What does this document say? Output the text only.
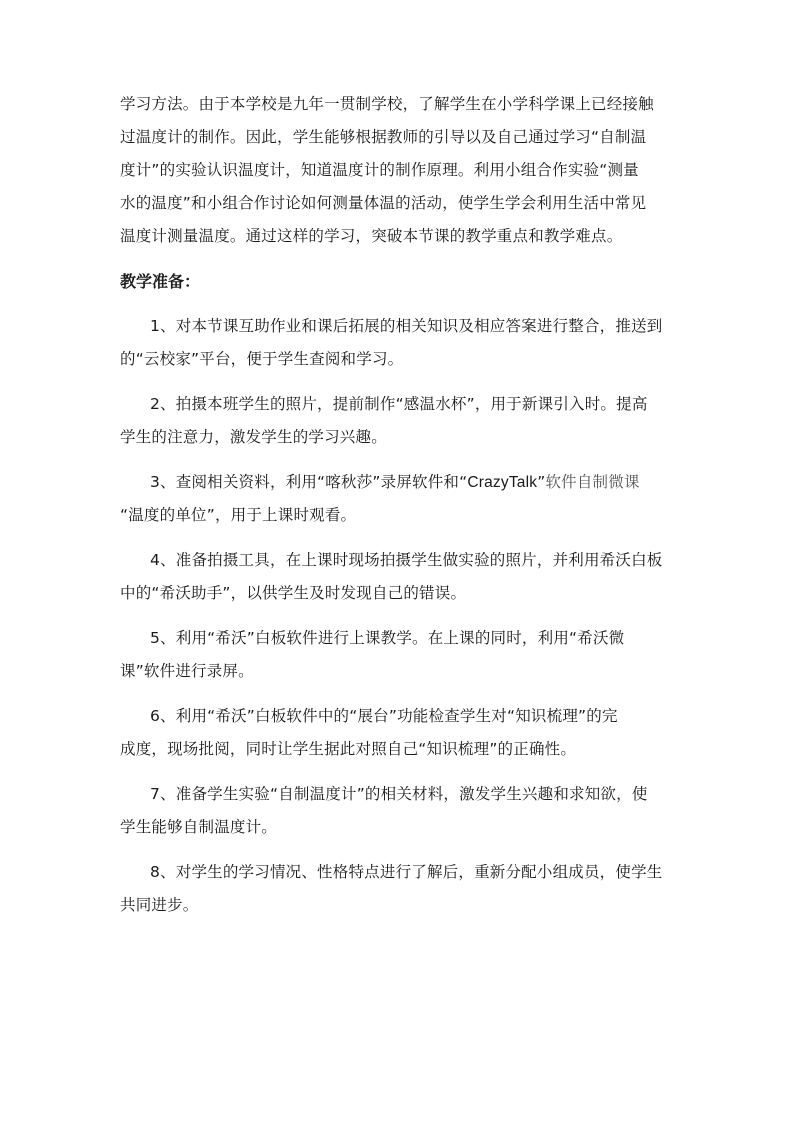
学习方法。由于本学校是九年一贯制学校，了解学生在小学科学课上已经接触
过温度计的制作。因此，学生能够根据教师的引导以及自己通过学习“自制温
度计”的实验认识温度计，知道温度计的制作原理。利用小组合作实验“测量
水的温度”和小组合作讨论如何测量体温的活动，使学生学会利用生活中常见
温度计测量温度。通过这样的学习，突破本节课的教学重点和教学难点。

教学准备：

1、对本节课互助作业和课后拓展的相关知识及相应答案进行整合，推送到
的“云校家”平台，便于学生查阅和学习。

2、拍摄本班学生的照片，提前制作“感温水杯”，用于新课引入时。提高
学生的注意力，激发学生的学习兴趣。

3、查阅相关资料，利用“喀秋莎”录屏软件和“CrazyTalk”软件自制微课
“温度的单位”，用于上课时观看。

4、准备拍摄工具，在上课时现场拍摄学生做实验的照片，并利用希沃白板
中的“希沃助手”，以供学生及时发现自己的错误。

5、利用“希沃”白板软件进行上课教学。在上课的同时，利用“希沃微
课”软件进行录屏。

6、利用“希沃”白板软件中的“展台”功能检查学生对“知识梳理”的完
成度，现场批阅，同时让学生据此对照自己“知识梳理”的正确性。

7、准备学生实验“自制温度计”的相关材料，激发学生兴趣和求知欲，使
学生能够自制温度计。

8、对学生的学习情况、性格特点进行了解后，重新分配小组成员，使学生
共同进步。
